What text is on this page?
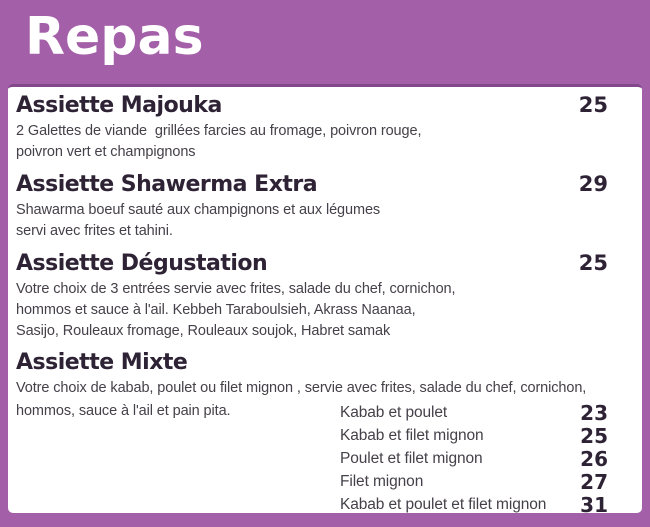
Repas
Assiette Majouka	25
2 Galettes de viande  grillées farcies au fromage, poivron rouge,
poivron vert et champignons
Assiette Shawerma Extra	29
Shawarma boeuf sauté aux champignons et aux légumes
servi avec frites et tahini.
Assiette Dégustation	25
Votre choix de 3 entrées servie avec frites, salade du chef, cornichon,
hommos et sauce à l'ail. Kebbeh Taraboulsieh, Akrass Naanaa,
Sasijo, Rouleaux fromage, Rouleaux soujok, Habret samak
Assiette Mixte
Votre choix de kabab, poulet ou filet mignon , servie avec frites, salade du chef, cornichon,
hommos, sauce à l'ail et pain pita.	Kabab et poulet	23
Kabab et filet mignon	25
Poulet et filet mignon	26
Filet mignon	27
Kabab et poulet et filet mignon 31
